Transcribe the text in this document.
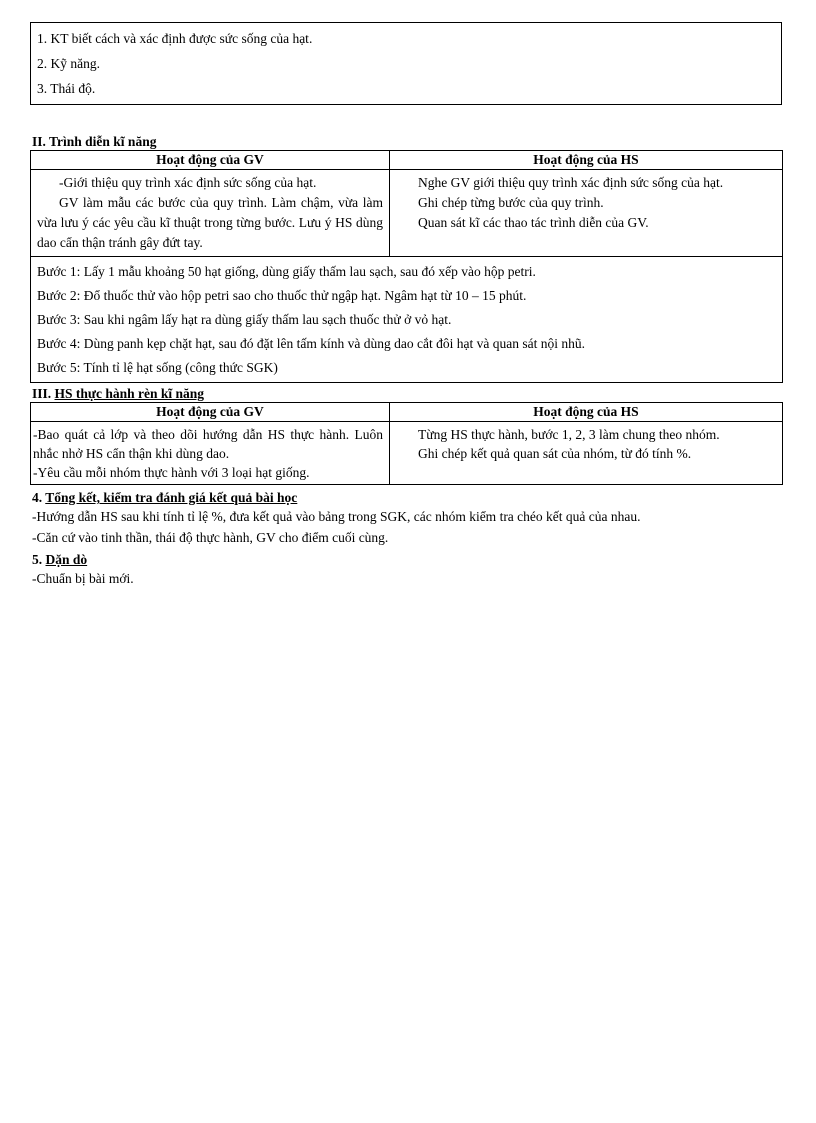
1. KT biết cách và xác định được sức sống của hạt.
2. Kỹ năng.
3. Thái độ.

II. Trình diễn kĩ năng

Hoạt động của GV	Hoạt động của HS

-Giới thiệu quy trình xác định sức sống của hạt.
GV làm mẫu các bước của quy trình. Làm chậm, vừa làm vừa lưu ý các yêu cầu kĩ thuật trong từng bước. Lưu ý HS dùng dao cẩn thận tránh gây đứt tay.	Nghe GV giới thiệu quy trình xác định sức sống của hạt.
Ghi chép từng bước của quy trình.
Quan sát kĩ các thao tác trình diễn của GV.

Bước 1: Lấy 1 mẫu khoảng 50 hạt giống, dùng giấy thấm lau sạch, sau đó xếp vào hộp petri.
Bước 2: Đổ thuốc thử vào hộp petri sao cho thuốc thử ngập hạt. Ngâm hạt từ 10 – 15 phút.
Bước 3: Sau khi ngâm lấy hạt ra dùng giấy thấm lau sạch thuốc thử ở vỏ hạt.
Bước 4: Dùng panh kẹp chặt hạt, sau đó đặt lên tấm kính và dùng dao cắt đôi hạt và quan sát nội nhũ.
Bước 5: Tính tỉ lệ hạt sống (công thức SGK)	

III. HS thực hành rèn kĩ năng

Hoạt động của GV	Hoạt động của HS

-Bao quát cả lớp và theo dõi hướng dẫn HS thực hành. Luôn nhắc nhở HS cẩn thận khi dùng dao.
-Yêu cầu mỗi nhóm thực hành với 3 loại hạt giống.	Từng HS thực hành, bước 1, 2, 3 làm chung theo nhóm.
Ghi chép kết quả quan sát của nhóm, từ đó tính %.

4. Tổng kết, kiểm tra đánh giá kết quả bài học

-Hướng dẫn HS sau khi tính tỉ lệ %, đưa kết quả vào bảng trong SGK, các nhóm kiểm tra chéo kết quả của nhau.
-Căn cứ vào tinh thần, thái độ thực hành, GV cho điểm cuối cùng.

5. Dặn dò

-Chuẩn bị bài mới.
